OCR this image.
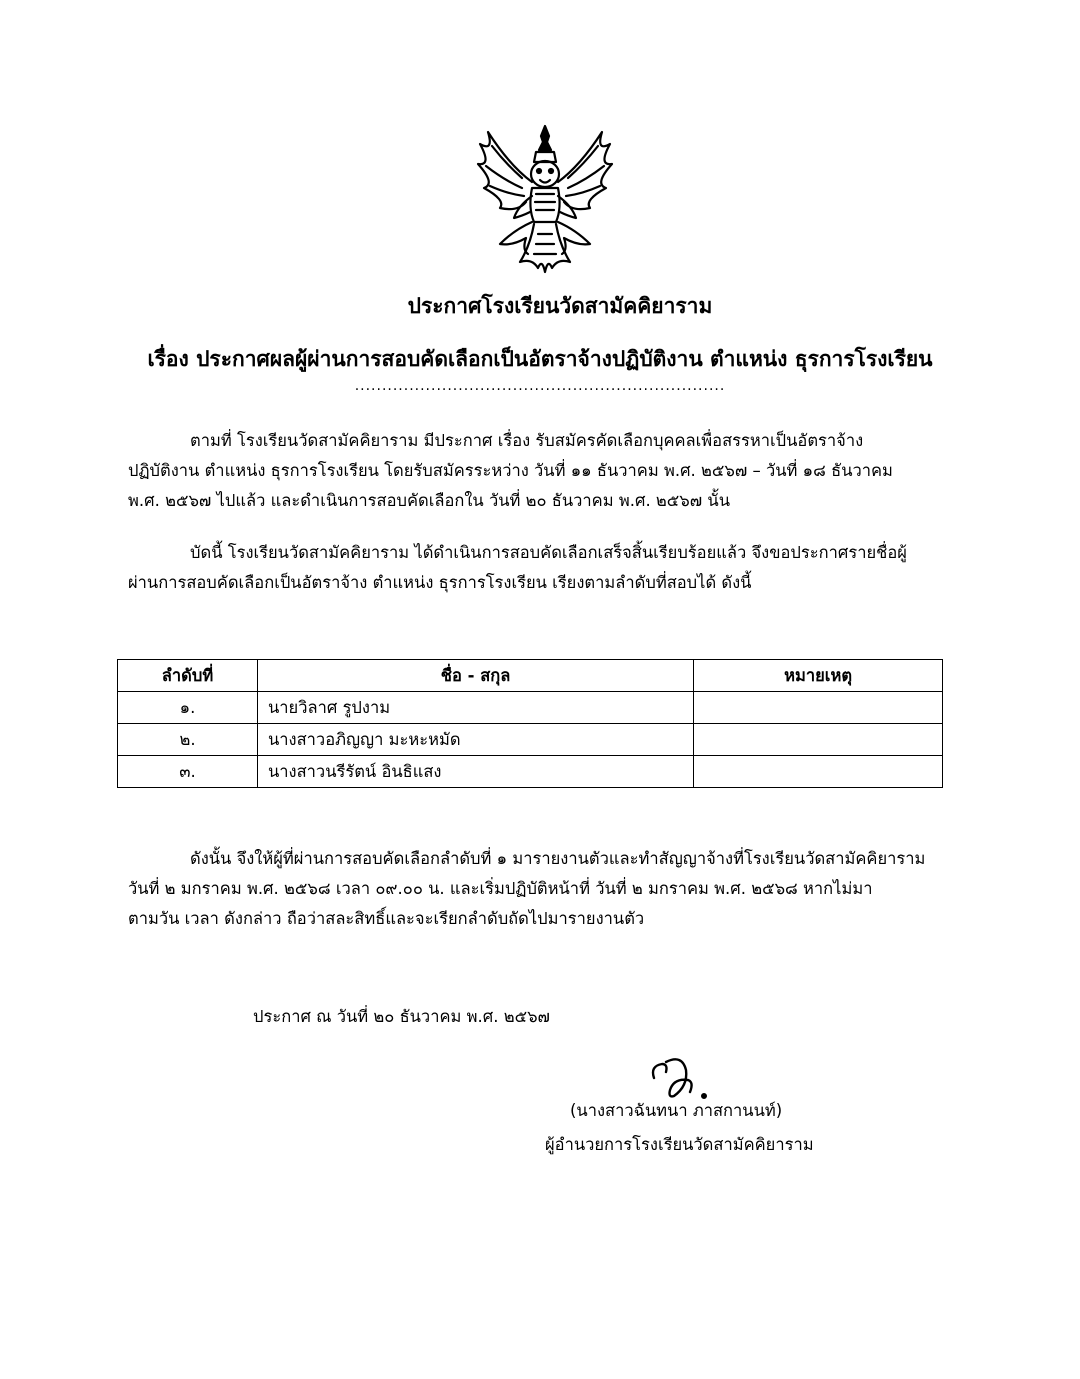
ประกาศโรงเรียนวัดสามัคคิยาราม
เรื่อง ประกาศผลผู้ผ่านการสอบคัดเลือกเป็นอัตราจ้างปฏิบัติงาน ตำแหน่ง ธุรการโรงเรียน
....................................................................
ตามที่ โรงเรียนวัดสามัคคิยาราม มีประกาศ เรื่อง รับสมัครคัดเลือกบุคคลเพื่อสรรหาเป็นอัตราจ้าง
ปฏิบัติงาน ตำแหน่ง ธุรการโรงเรียน โดยรับสมัครระหว่าง วันที่ ๑๑ ธันวาคม พ.ศ. ๒๕๖๗ – วันที่ ๑๘ ธันวาคม
พ.ศ. ๒๕๖๗ ไปแล้ว และดำเนินการสอบคัดเลือกใน วันที่ ๒๐ ธันวาคม พ.ศ. ๒๕๖๗ นั้น
บัดนี้ โรงเรียนวัดสามัคคิยาราม ได้ดำเนินการสอบคัดเลือกเสร็จสิ้นเรียบร้อยแล้ว จึงขอประกาศรายชื่อผู้
ผ่านการสอบคัดเลือกเป็นอัตราจ้าง ตำแหน่ง ธุรการโรงเรียน เรียงตามลำดับที่สอบได้ ดังนี้
ลำดับที่	ชื่อ - สกุล	หมายเหตุ
๑.	นายวิลาศ รูปงาม	
๒.	นางสาวอภิญญา มะหะหมัด	
๓.	นางสาวนรีรัตน์ อินธิแสง	
ดังนั้น จึงให้ผู้ที่ผ่านการสอบคัดเลือกลำดับที่ ๑ มารายงานตัวและทำสัญญาจ้างที่โรงเรียนวัดสามัคคิยาราม
วันที่ ๒ มกราคม พ.ศ. ๒๕๖๘ เวลา ๐๙.๐๐ น. และเริ่มปฏิบัติหน้าที่ วันที่ ๒ มกราคม พ.ศ. ๒๕๖๘ หากไม่มา
ตามวัน เวลา ดังกล่าว ถือว่าสละสิทธิ์และจะเรียกลำดับถัดไปมารายงานตัว
ประกาศ ณ วันที่ ๒๐ ธันวาคม พ.ศ. ๒๕๖๗
(นางสาวฉันทนา ภาสกานนท์)
ผู้อำนวยการโรงเรียนวัดสามัคคิยาราม
